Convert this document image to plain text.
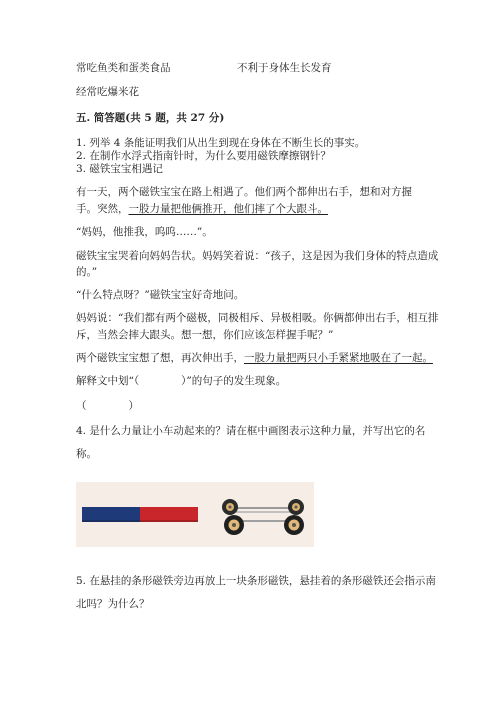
常吃鱼类和蛋类食品	不利于身体生长发育
经常吃爆米花
五. 简答题(共 5 题，共 27 分)
1. 列举 4 条能证明我们从出生到现在身体在不断生长的事实。
2. 在制作水浮式指南针时，为什么要用磁铁摩擦钢针？
3. 磁铁宝宝相遇记
有一天，两个磁铁宝宝在路上相遇了。他们两个都伸出右手，想和对方握
手。突然，一股力量把他俩推开，他们摔了个大跟斗。
“妈妈，他推我，呜呜……”。
磁铁宝宝哭着向妈妈告状。妈妈笑着说：“孩子，这是因为我们身体的特点造成
的。”
“什么特点呀？”磁铁宝宝好奇地问。
妈妈说：“我们都有两个磁极，同极相斥、异极相吸。你俩都伸出右手，相互排
斥，当然会摔大跟头。想一想，你们应该怎样握手呢？”
两个磁铁宝宝想了想，再次伸出手，一股力量把两只小手紧紧地吸在了一起。
解释文中划“（　　　　）”的句子的发生现象。
（　　　　）
4. 是什么力量让小车动起来的？请在框中画图表示这种力量，并写出它的名
称。
5. 在悬挂的条形磁铁旁边再放上一块条形磁铁，悬挂着的条形磁铁还会指示南
北吗？为什么？
